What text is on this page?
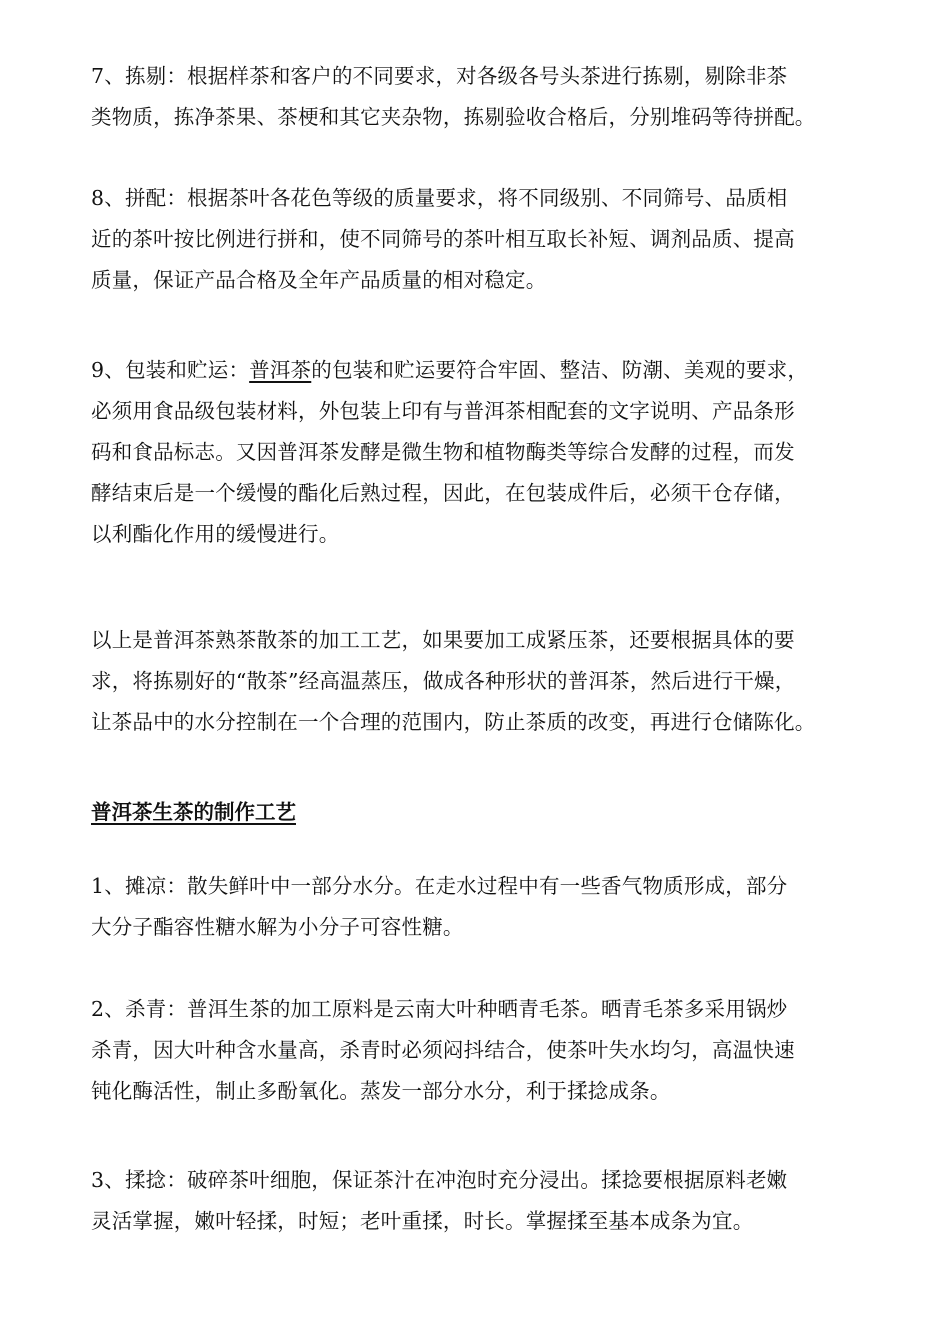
7、拣剔：根据样茶和客户的不同要求，对各级各号头茶进行拣剔，剔除非茶
类物质，拣净茶果、茶梗和其它夹杂物，拣剔验收合格后，分别堆码等待拼配。
8、拼配：根据茶叶各花色等级的质量要求，将不同级别、不同筛号、品质相
近的茶叶按比例进行拼和，使不同筛号的茶叶相互取长补短、调剂品质、提高
质量，保证产品合格及全年产品质量的相对稳定。
9、包装和贮运：普洱茶的包装和贮运要符合牢固、整洁、防潮、美观的要求，
必须用食品级包装材料，外包装上印有与普洱茶相配套的文字说明、产品条形
码和食品标志。又因普洱茶发酵是微生物和植物酶类等综合发酵的过程，而发
酵结束后是一个缓慢的酯化后熟过程，因此，在包装成件后，必须干仓存储，
以利酯化作用的缓慢进行。
以上是普洱茶熟茶散茶的加工工艺，如果要加工成紧压茶，还要根据具体的要
求，将拣剔好的“散茶”经高温蒸压，做成各种形状的普洱茶，然后进行干燥，
让茶品中的水分控制在一个合理的范围内，防止茶质的改变，再进行仓储陈化。
普洱茶生茶的制作工艺
1、摊凉：散失鲜叶中一部分水分。在走水过程中有一些香气物质形成，部分
大分子酯容性糖水解为小分子可容性糖。
2、杀青：普洱生茶的加工原料是云南大叶种晒青毛茶。晒青毛茶多采用锅炒
杀青，因大叶种含水量高，杀青时必须闷抖结合，使茶叶失水均匀，高温快速
钝化酶活性，制止多酚氧化。蒸发一部分水分，利于揉捻成条。
3、揉捻：破碎茶叶细胞，保证茶汁在冲泡时充分浸出。揉捻要根据原料老嫩
灵活掌握，嫩叶轻揉，时短；老叶重揉，时长。掌握揉至基本成条为宜。
